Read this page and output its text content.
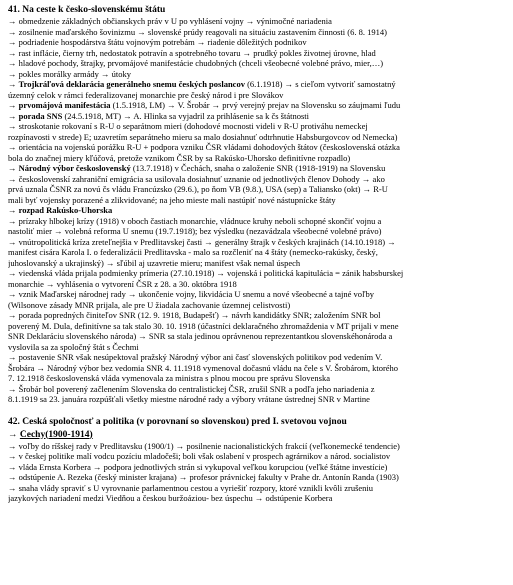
41. Na ceste k česko-slovenskému štátu
→ obmedzenie základných občianskych práv v U po vyhlásení vojny → výnimočné nariadenia
→ zosilnenie maďarského šovinizmu → slovenské prúdy reagovali na situáciu zastavením činnosti (6. 8. 1914)
→ podriadenie hospodárstva štátu vojnovým potrebám → riadenie dôležitých podnikov
→ rast inflácie, čierny trh, nedostatok potravín a spotrebného tovaru → prudký pokles životnej úrovne, hlad
→ hladové pochody, štrajky, prvomájové manifestácie chudobných (chceli všeobecné volebné právo, mier,…)
→ pokles morálky armády → útoky
→ Trojkráľová deklarácia generálneho snemu českých poslancov (6.1.1918) → s cieľom vytvoriť samostatný
územný celok v rámci federalizovanej monarchie pre český národ i pre Slovákov
→ prvomájová manifestácia (1.5.1918, LM) → V. Šrobár → prvý verejný prejav na Slovensku so záujmami ľudu
→ porada SNS (24.5.1918, MT) → A. Hlinka sa vyjadril za prihlásenie sa k čs štátnosti
→ stroskotanie rokovaní s R-U o separátnom mieri (dohodové mocnosti videli v R-U protiváhu nemeckej
rozpínavosti v strede) E; uzavretím separátneho mieru sa malo dosiahnuť odtrhnutie Habsburgovcov od Nemecka)
→ orientácia na vojenskú porážku R-U + podpora vzniku ČSR vládami dohodových štátov (československá otázka
bola do značnej miery kľúčová, pretože vznikom ČSR by sa Rakúsko-Uhorsko definitívne rozpadlo)
→ Národný výbor československý (13.7.1918) v Čechách, snaha o založenie SNR (1918-1919) na Slovensku
→ československí zahraniční emigrácia sa usilovala dosiahnuť uznanie od jednotlivých členov Dohody → ako
prvá uznala ČSNR za novú čs vládu Francúzsko (29.6.), po ňom VB (9.8.), USA (sep) a Taliansko (okt) → R-U
mali byť vojensky porazené a zlikvidované; na jeho mieste mali nastúpiť nové nástupnícke štáty
→ rozpad Rakúsko-Uhorska
→ prízraky hlbokej krízy (1918) v oboch častiach monarchie, vládnuce kruhy neboli schopné skončiť vojnu a
nastoliť mier → volebná reforma U snemu (19.7.1918); bez výsledku (nezavádzala všeobecné volebné právo)
→ vnútropolitická kríza zreteľnejšia v Predlitavskej časti → generálny štrajk v českých krajinách (14.10.1918) →
manifest cisára Karola I. o federalizácii Predlitavska - malo sa rozčleniť na 4 štáty (nemecko-rakúsky, český,
juhoslovanský a ukrajinský) → sľúbil aj uzavretie mieru; manifest však nemal úspech
→ viedenská vláda prijala podmienky prímeria (27.10.1918) → vojenská i politická kapitulácia = zánik habsburskej
monarchie → vyhlásenia o vytvorení ČSR z 28. a 30. októbra 1918
→ vznik Maďarskej národnej rady → ukončenie vojny, likvidácia U snemu a nové všeobecné a tajné voľby
(Wilsonove zásady MNR prijala, ale pre U žiadala zachovanie územnej celistvosti)
→ porada popredných činiteľov SNR (12. 9. 1918, Budapešť) → návrh kandidátky SNR; založením SNR bol
poverený M. Dula, definitívne sa tak stalo 30. 10. 1918 (účastníci deklaračného zhromaždenia v MT prijali v mene
SNR Deklaráciu slovenského národa) → SNR sa stala jedinou oprávnenou reprezentantkou slovenskéhonároda a
vyslovila sa za spoločný štát s Čechmi
→ postavenie SNR však nesúpektoval pražský Národný výbor ani časť slovenských politikov pod vedením V.
Šrobára → Národný výbor bez vedomia SNR 4. 11.1918 vymenoval dočasnú vládu na čele s V. Šrobárom, ktorého
7. 12.1918 československá vláda vymenovala za ministra s plnou mocou pre správu Slovenska
→ Šrobár bol poverený začlenením Slovenska do centralistickej ČSR, zrušil SNR a podľa jeho nariadenia z
8.1.1919 sa 23. januára rozpúšťali všetky miestne národné rady a výbory vrátane ústrednej SNR v Martine
42. Česká spoločnosť a politika (v porovnaní so slovenskou) pred I. svetovou vojnou
→ Čechy(1900-1914)
→ voľby do ríšskej rady v Predlitavsku (1900/1) → posilnenie nacionalistických frakcií (veľkonemecké tendencie)
→ v českej politike malí vodcu pozíciu mladočeši; boli však oslabení v prospech agrárnikov a národ. socialistov
→ vláda Ernsta Korbera → podpora jednotlivých strán si vykupoval veľkou korupciou (veľké štátne investície)
→ odstúpenie A. Rezeka (český minister krajana) → profesor právnickej fakulty v Prahe dr. Antonín Randa (1903)
→ snaha vlády spraviť s U vyrovnanie parlamentnou cestou a vyriešiť rozpory, ktoré vznikli kvôli zrušeniu
jazykových nariadení medzi Viedňou a českou buržoáziou- bez úspechu → odstúpenie Korbera
